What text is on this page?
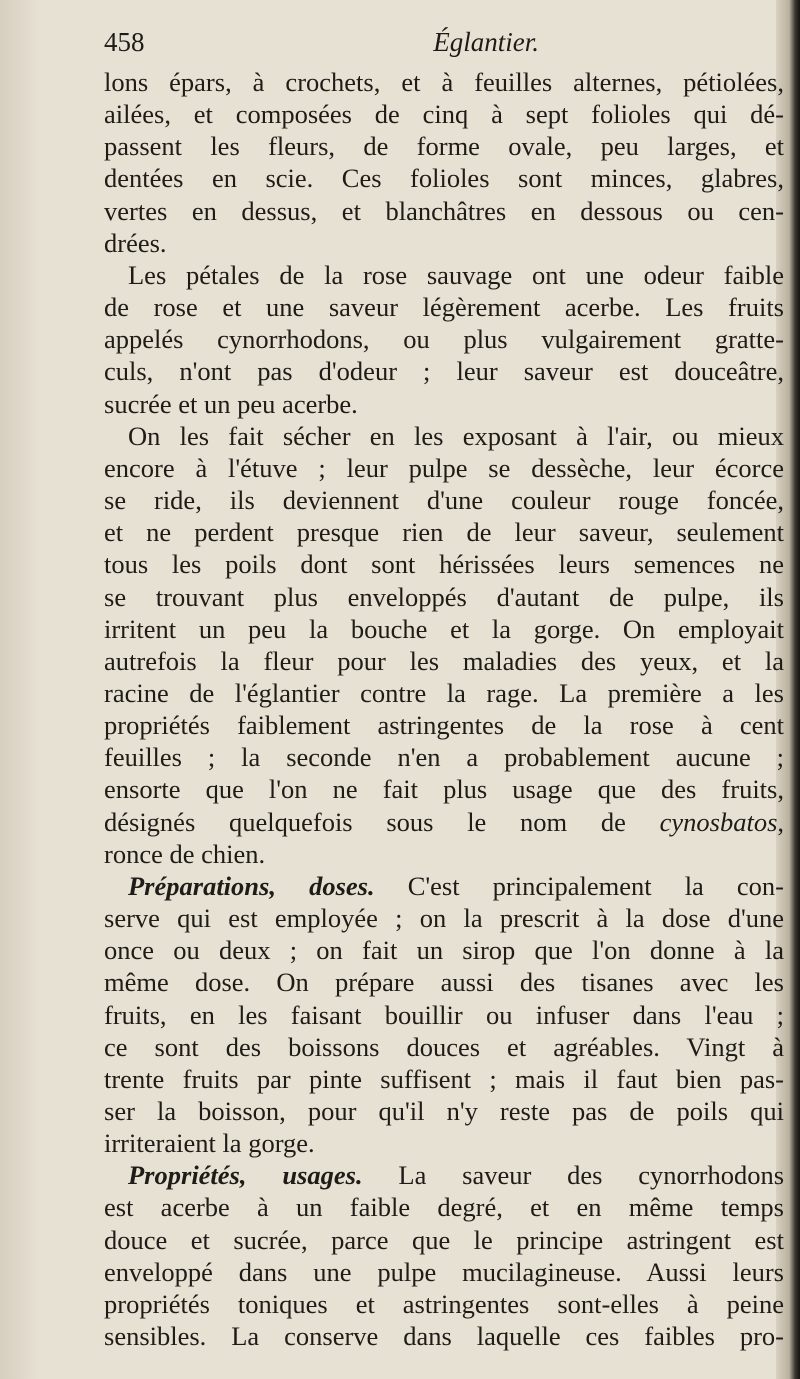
458	Églantier.
lons épars, à crochets, et à feuilles alternes, pétiolées,
ailées, et composées de cinq à sept folioles qui dé-
passent les fleurs, de forme ovale, peu larges, et
dentées en scie. Ces folioles sont minces, glabres,
vertes en dessus, et blanchâtres en dessous ou cen-
drées.
Les pétales de la rose sauvage ont une odeur faible
de rose et une saveur légèrement acerbe. Les fruits
appelés cynorrhodons, ou plus vulgairement gratte-
culs, n'ont pas d'odeur ; leur saveur est douceâtre,
sucrée et un peu acerbe.
On les fait sécher en les exposant à l'air, ou mieux
encore à l'étuve ; leur pulpe se dessèche, leur écorce
se ride, ils deviennent d'une couleur rouge foncée,
et ne perdent presque rien de leur saveur, seulement
tous les poils dont sont hérissées leurs semences ne
se trouvant plus enveloppés d'autant de pulpe, ils
irritent un peu la bouche et la gorge. On employait
autrefois la fleur pour les maladies des yeux, et la
racine de l'églantier contre la rage. La première a les
propriétés faiblement astringentes de la rose à cent
feuilles ; la seconde n'en a probablement aucune ;
ensorte que l'on ne fait plus usage que des fruits,
désignés quelquefois sous le nom de cynosbatos,
ronce de chien.
Préparations, doses. C'est principalement la con-
serve qui est employée ; on la prescrit à la dose d'une
once ou deux ; on fait un sirop que l'on donne à la
même dose. On prépare aussi des tisanes avec les
fruits, en les faisant bouillir ou infuser dans l'eau ;
ce sont des boissons douces et agréables. Vingt à
trente fruits par pinte suffisent ; mais il faut bien pas-
ser la boisson, pour qu'il n'y reste pas de poils qui
irriteraient la gorge.
Propriétés, usages. La saveur des cynorrhodons
est acerbe à un faible degré, et en même temps
douce et sucrée, parce que le principe astringent est
enveloppé dans une pulpe mucilagineuse. Aussi leurs
propriétés toniques et astringentes sont-elles à peine
sensibles. La conserve dans laquelle ces faibles pro-
